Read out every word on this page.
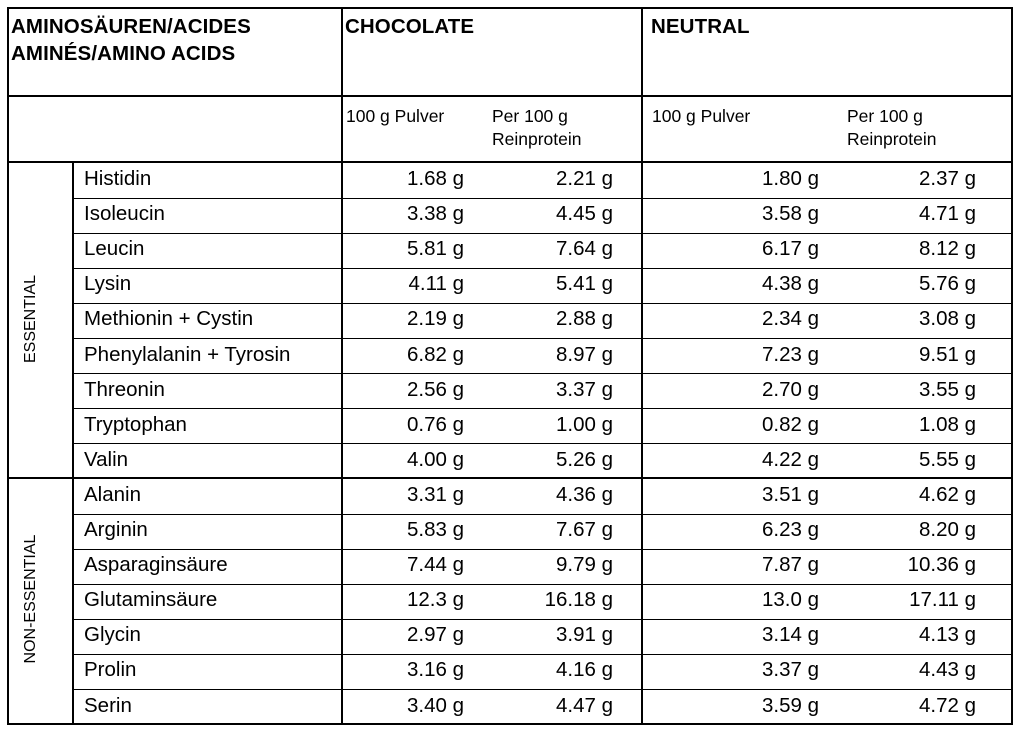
AMINOSÄUREN/ACIDES
AMINÉS/AMINO ACIDS
CHOCOLATE	NEUTRAL
100 g Pulver	Per 100 g
Reinprotein
100 g Pulver	Per 100 g
Reinprotein
ESSENTIAL
NON-ESSENTIAL
Histidin	1.68 g	2.21 g	1.80 g	2.37 g
Isoleucin	3.38 g	4.45 g	3.58 g	4.71 g
Leucin	5.81 g	7.64 g	6.17 g	8.12 g
Lysin	4.11 g	5.41 g	4.38 g	5.76 g
Methionin + Cystin	2.19 g	2.88 g	2.34 g	3.08 g
Phenylalanin + Tyrosin	6.82 g	8.97 g	7.23 g	9.51 g
Threonin	2.56 g	3.37 g	2.70 g	3.55 g
Tryptophan	0.76 g	1.00 g	0.82 g	1.08 g
Valin	4.00 g	5.26 g	4.22 g	5.55 g
Alanin	3.31 g	4.36 g	3.51 g	4.62 g
Arginin	5.83 g	7.67 g	6.23 g	8.20 g
Asparaginsäure	7.44 g	9.79 g	7.87 g	10.36 g
Glutaminsäure	12.3 g	16.18 g	13.0 g	17.11 g
Glycin	2.97 g	3.91 g	3.14 g	4.13 g
Prolin	3.16 g	4.16 g	3.37 g	4.43 g
Serin	3.40 g	4.47 g	3.59 g	4.72 g
